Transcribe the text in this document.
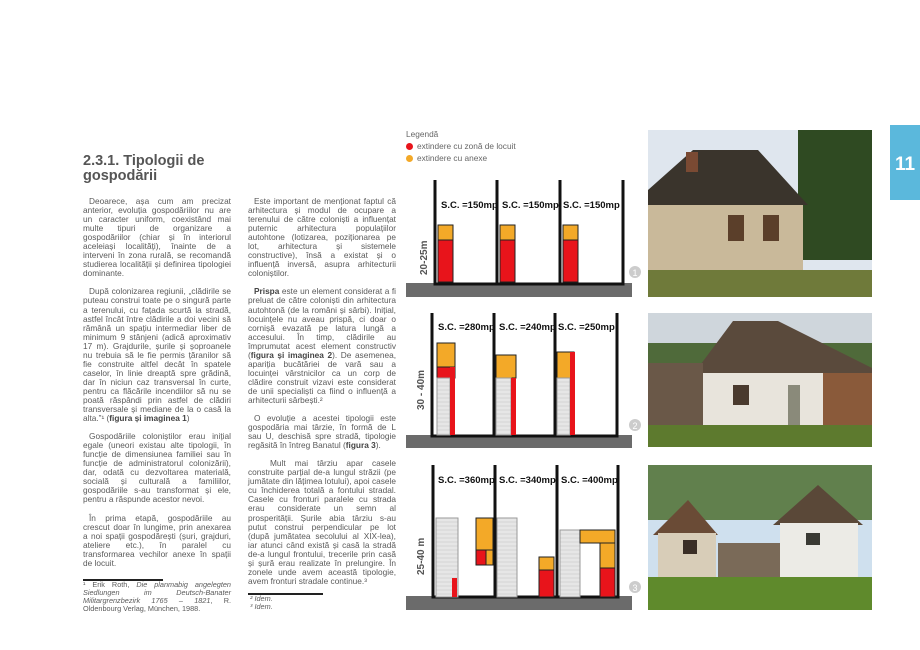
11
2.3.1. Tipologii de gospodării

Deoarece, așa cum am precizat anterior, evoluția gospodăriilor nu are un caracter uniform, coexistând mai multe tipuri de organizare a gospodăriilor (chiar și în interiorul aceleiași localități), înainte de a interveni în zona rurală, se recomandă studierea localității și definirea tipologiei dominante.

După colonizarea regiunii, „clădirile se puteau construi toate pe o singură parte a terenului, cu fațada scurtă la stradă, astfel încât între clădirile a doi vecini să rămână un spațiu intermediar liber de minimum 9 stânjeni (adică aproximativ 17 m). Grajdurile, șurile și șoproanele nu trebuia să le fie permis țăranilor să fie construite altfel decât în spatele caselor, în linie dreaptă spre grădină, dar în niciun caz transversal în curte, pentru ca flăcările incendiilor să nu se poată răspândi prin astfel de clădiri transversale și mediane de la o casă la alta.”¹ (figura și imaginea 1)

Gospodăriile coloniștilor erau inițial egale (uneori existau alte tipologii, în funcție de dimensiunea familiei sau în funcție de administratorul colonizării), dar, odată cu dezvoltarea materială, socială și culturală a familiilor, gospodăriile s-au transformat și ele, pentru a răspunde acestor nevoi.

În prima etapă, gospodăriile au crescut doar în lungime, prin anexarea a noi spații gospodărești (șuri, grajduri, ateliere etc.), în paralel cu transformarea vechilor anexe în spații de locuit.

¹ Erik Roth, Die planmabig angelegten Siedlungen im Deutsch-Banater Militargrenzbezirk 1765 – 1821, R. Oldenbourg Verlag, München, 1988.

Este important de menționat faptul că arhitectura și modul de ocupare a terenului de către coloniști a influențat puternic arhitectura populațiilor autohtone (lotizarea, poziționarea pe lot, arhitectura și sistemele constructive), însă a existat și o influență inversă, asupra arhitecturii coloniștilor.

Prispa este un element considerat a fi preluat de către coloniști din arhitectura autohtonă (de la români și sârbi). Inițial, locuințele nu aveau prispă, ci doar o cornișă evazată pe latura lungă a accesului. În timp, clădirile au împrumutat acest element constructiv (figura și imaginea 2). De asemenea, apariția bucătăriei de vară sau a locuinței vârstnicilor ca un corp de clădire construit vizavi este considerat de unii specialiști ca fiind o influență a arhitecturii sârbești.²

O evoluție a acestei tipologii este gospodăria mai târzie, în formă de L sau U, deschisă spre stradă, tipologie regăsită în întreg Banatul (figura 3).

Mult mai târziu apar casele construite parțial de-a lungul străzii (pe jumătate din lățimea lotului), apoi casele cu închiderea totală a fontului stradal. Casele cu fronturi paralele cu strada erau considerate un semn al prosperității. Șurile abia târziu s-au putut construi perpendicular pe lot (după jumătatea secolului al XIX-lea), iar atunci când există și casă la stradă de-a lungul frontului, trecerile prin casă și șură erau realizate în prelungire. În zonele unde avem această tipologie, avem fronturi stradale continue.³

² Idem.
³ Idem.
Legendă
extindere cu zonă de locuit
extindere cu anexe
S.C. =150mp S.C. =150mp S.C. =150mp
20-25m	1
S.C. =280mp S.C. =240mp S.C. =250mp
30 - 40m
2
S.C. =360mp S.C. =340mp S.C. =400mp
25-40 m
3
